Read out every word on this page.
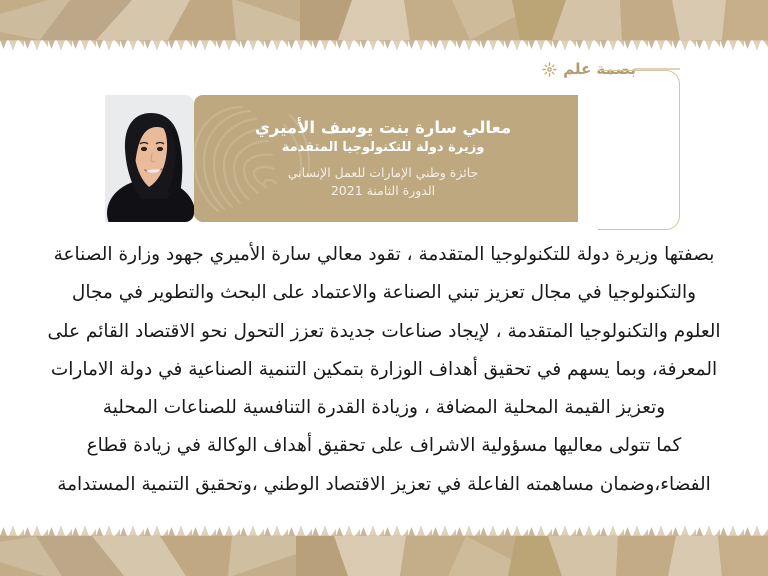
بصمة علم
معالي سارة بنت يوسف الأميري
وزيرة دولة للتكنولوجيا المتقدمة
جائزة وطني الإمارات للعمل الإنساني
الدورة الثامنة 2021
بصفتها وزيرة دولة للتكنولوجيا المتقدمة ، تقود معالي سارة الأميري جهود وزارة الصناعة
والتكنولوجيا في مجال تعزيز تبني الصناعة والاعتماد على البحث والتطوير في مجال
العلوم والتكنولوجيا المتقدمة ، لإيجاد صناعات جديدة تعزز التحول نحو الاقتصاد القائم على
المعرفة، وبما يسهم في تحقيق أهداف الوزارة بتمكين التنمية الصناعية في دولة الامارات
وتعزيز القيمة المحلية المضافة ، وزيادة القدرة التنافسية للصناعات المحلية
كما تتولى معاليها مسؤولية الاشراف على تحقيق أهداف الوكالة في زيادة قطاع
الفضاء،وضمان مساهمته الفاعلة في تعزيز الاقتصاد الوطني ،وتحقيق التنمية المستدامة
